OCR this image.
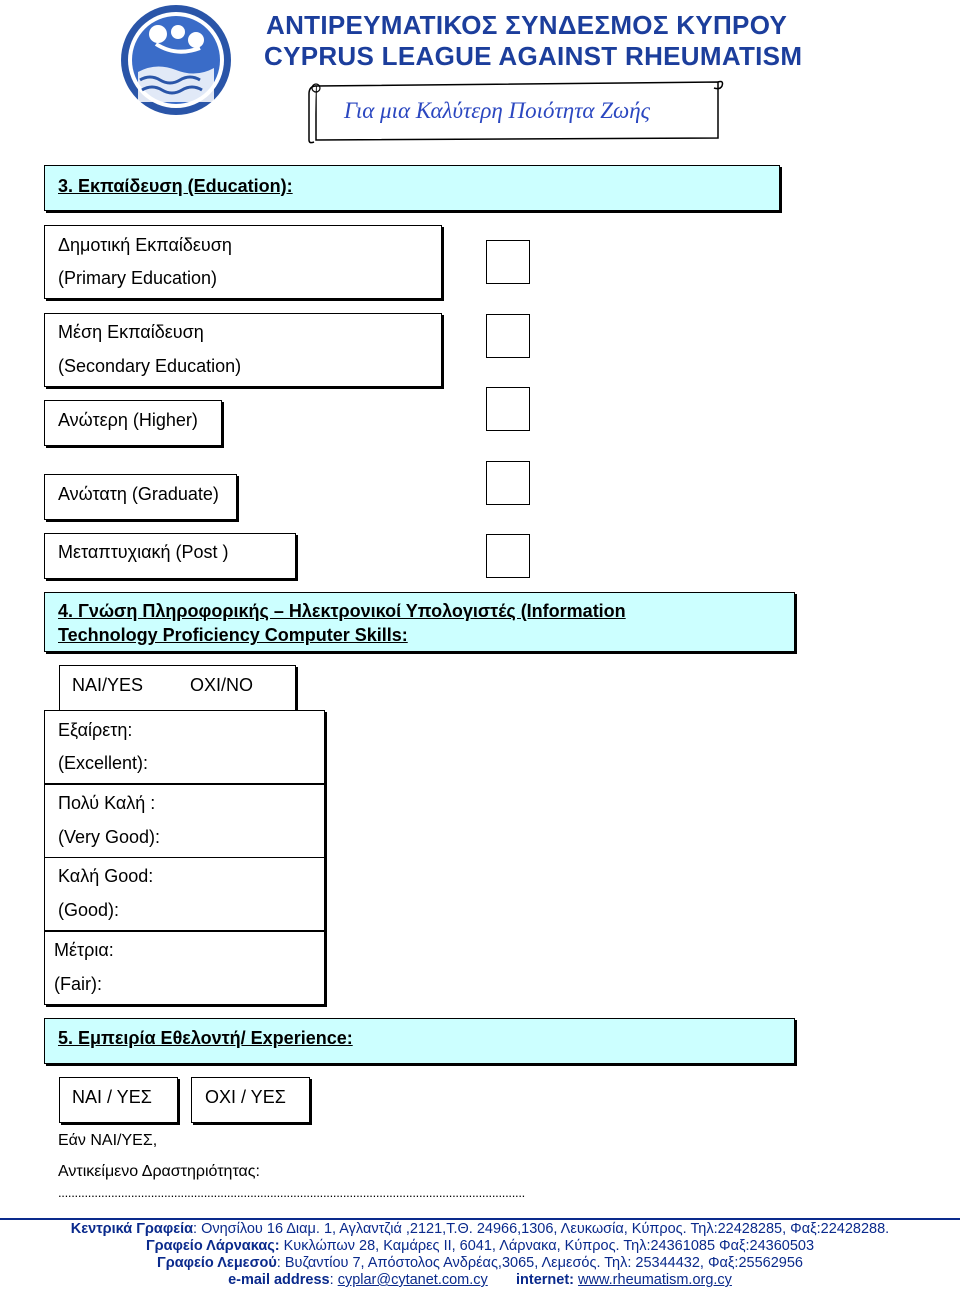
ΑΝΤΙΡΕΥΜΑΤΙΚΟΣ ΣΥΝΔΕΣΜΟΣ ΚΥΠΡΟΥ
CYPRUS LEAGUE AGAINST RHEUMATISM
Για μια Καλύτερη Ποιότητα Ζωής
3. Εκπαίδευση (Education):
Δημοτική Εκπαίδευση
(Primary Education)
Μέση Εκπαίδευση
(Secondary Education)
Ανώτερη (Higher)
Ανώτατη (Graduate)
Μεταπτυχιακή (Post )
4. Γνώση Πληροφορικής – Ηλεκτρονικοί Υπολογιστές (Information
Technology Proficiency Computer Skills:
ΝΑΙ/YES	ΟΧΙ/NO
Εξαίρετη:
(Excellent):
Πολύ Καλή :
(Very Good):
Καλή Good:
(Good):
Μέτρια:
(Fair):
5. Εμπειρία Εθελοντή/ Experience:
ΝΑΙ / ΥΕΣ	ΟΧΙ / ΥΕΣ
Εάν ΝΑΙ/ΥΕΣ,
Αντικείμενο Δραστηριότητας:
.............................................................................................................................................
Κεντρικά Γραφεία: Ονησίλου 16 Διαμ. 1, Αγλαντζιά ,2121,Τ.Θ. 24966,1306, Λευκωσία, Κύπρος. Τηλ:22428285, Φαξ:22428288.
Γραφείο Λάρνακας: Κυκλώπων 28, Καμάρες ΙΙ, 6041, Λάρνακα, Κύπρος. Τηλ:24361085 Φαξ:24360503
Γραφείο Λεμεσού: Βυζαντίου 7, Απόστολος Ανδρέας,3065, Λεμεσός. Τηλ: 25344432, Φαξ:25562956
e-mail address: cyplar@cytanet.com.cy internet: www.rheumatism.org.cy
